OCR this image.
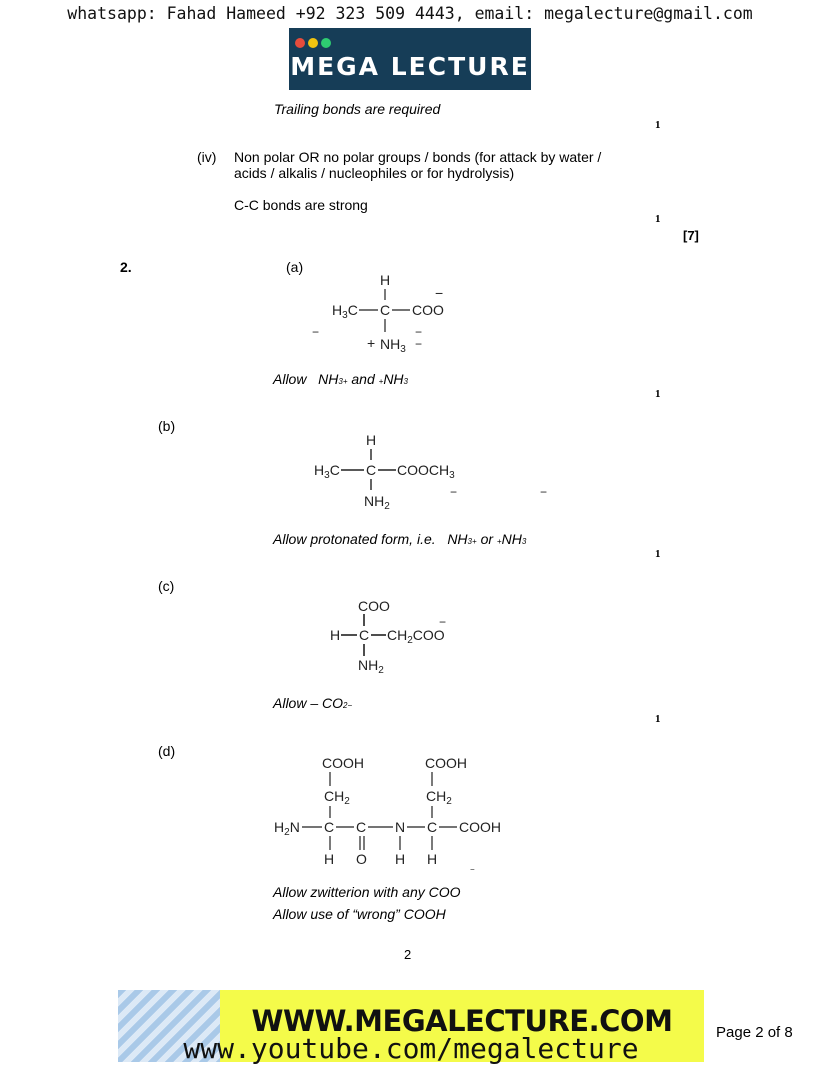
whatsapp: Fahad Hameed +92 323 509 4443, email: megalecture@gmail.com
MEGA LECTURE
Trailing bonds are required
1
(iv) Non polar OR no polar groups / bonds (for attack by water /
acids / alkalis / nucleophiles or for hydrolysis)
C-C bonds are strong
1
[7]
2.	(a)
H
$H_3C$ C COO
−
+ $NH_3$
−	−
−
Allow NH3+ and +NH3
1
(b)
H
$H_3C$ C $COOCH_3$
$NH_2$
−	−
Allow protonated form, i.e. NH3+ or +NH3
1
(c)
COO
H C $CH_2COO$
−
$NH_2$
Allow – CO2−
1
(d)
COOH
$CH_2$
$H_2N$ C C N C COOH
COOH
$CH_2$
H O H H
−
Allow zwitterion with any COO
Allow use of “wrong” COOH
2
WWW.MEGALECTURE.COM
www.youtube.com/megalecture	Page 2 of 8
